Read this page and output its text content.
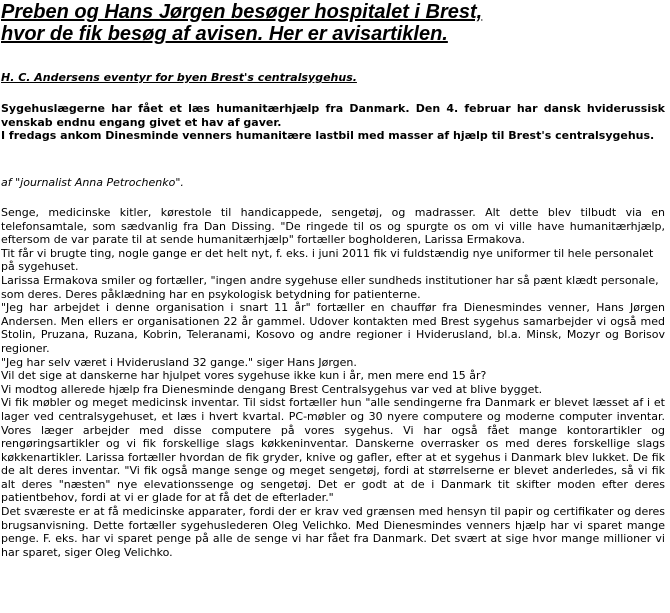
Preben og Hans Jørgen besøger hospitalet i Brest,
hvor de fik besøg af avisen. Her er avisartiklen.

H. C. Andersens eventyr for byen Brest's centralsygehus.

Sygehuslægerne har fået et læs humanitærhjælp fra Danmark. Den 4. februar har dansk hviderussisk venskab endnu engang givet et hav af gaver.

I fredags ankom Dinesminde venners humanitære lastbil med masser af hjælp til Brest's centralsygehus.

af "journalist Anna Petrochenko".

Senge, medicinske kitler, kørestole til handicappede, sengetøj, og madrasser. Alt dette blev tilbudt via en telefonsamtale, som sædvanlig fra Dan Dissing. "De ringede til os og spurgte os om vi ville have humanitærhjælp, eftersom de var parate til at sende humanitærhjælp" fortæller bogholderen, Larissa Ermakova.

Tit får vi brugte ting, nogle gange er det helt nyt, f. eks. i juni 2011 fik vi fuldstændig nye uniformer til hele personalet på sygehuset.

Larissa Ermakova smiler og fortæller, "ingen andre sygehuse eller sundheds institutioner har så pænt klædt personale, som deres. Deres påklædning har en psykologisk betydning for patienterne.

"Jeg har arbejdet i denne organisation i snart 11 år" fortæller en chauffør fra Dienesmindes venner, Hans Jørgen Andersen. Men ellers er organisationen 22 år gammel. Udover kontakten med Brest sygehus samarbejder vi også med Stolin, Pruzana, Ruzana, Kobrin, Teleranami, Kosovo og andre regioner i Hviderusland, bl.a. Minsk, Mozyr og Borisov regioner.

"Jeg har selv været i Hviderusland 32 gange." siger Hans Jørgen.

Vil det sige at danskerne har hjulpet vores sygehuse ikke kun i år, men mere end 15 år?

Vi modtog allerede hjælp fra Dienesminde dengang Brest Centralsygehus var ved at blive bygget.

Vi fik møbler og meget medicinsk inventar. Til sidst fortæller hun "alle sendingerne fra Danmark er blevet læsset af i et lager ved centralsygehuset, et læs i hvert kvartal. PC-møbler og 30 nyere computere og moderne computer inventar. Vores læger arbejder med disse computere på vores sygehus. Vi har også fået mange kontorartikler og rengøringsartikler og vi fik forskellige slags køkkeninventar. Danskerne overrasker os med deres forskellige slags køkkenartikler. Larissa fortæller hvordan de fik gryder, knive og gafler, efter at et sygehus i Danmark blev lukket. De fik de alt deres inventar. "Vi fik også mange senge og meget sengetøj, fordi at størrelserne er blevet anderledes, så vi fik alt deres "næsten" nye elevationssenge og sengetøj. Det er godt at de i Danmark tit skifter moden efter deres patientbehov, fordi at vi er glade for at få det de efterlader."

Det sværeste er at få medicinske apparater, fordi der er krav ved grænsen med hensyn til papir og certifikater og deres brugsanvisning. Dette fortæller sygehuslederen Oleg Velichko. Med Dienesmindes venners hjælp har vi sparet mange penge. F. eks. har vi sparet penge på alle de senge vi har fået fra Danmark. Det svært at sige hvor mange millioner vi har sparet, siger Oleg Velichko.
